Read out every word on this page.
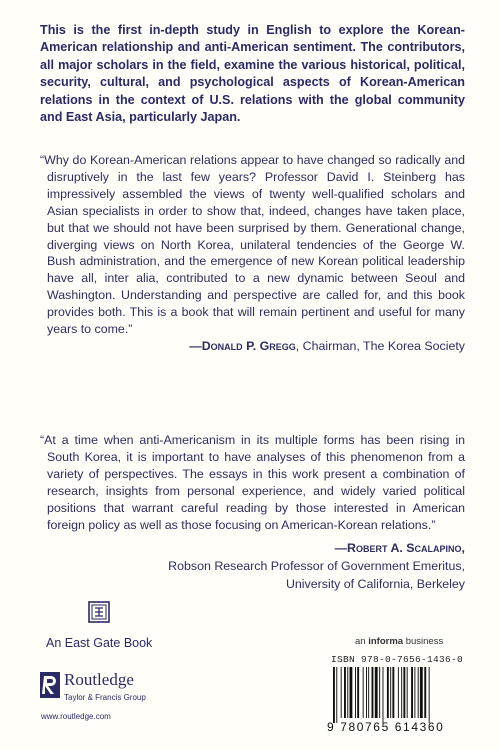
This is the first in-depth study in English to explore the Korean-American relationship and anti-American sentiment. The contributors, all major scholars in the field, examine the various historical, political, security, cultural, and psychological aspects of Korean-American relations in the context of U.S. relations with the global community and East Asia, particularly Japan.

“Why do Korean-American relations appear to have changed so radically and disruptively in the last few years? Professor David I. Steinberg has impressively assembled the views of twenty well-qualified scholars and Asian specialists in order to show that, indeed, changes have taken place, but that we should not have been surprised by them. Generational change, diverging views on North Korea, unilateral tendencies of the George W. Bush administration, and the emergence of new Korean political leadership have all, inter alia, contributed to a new dynamic between Seoul and Washington. Understanding and perspective are called for, and this book provides both. This is a book that will remain pertinent and useful for many years to come.”

—Donald P. Gregg, Chairman, The Korea Society

“At a time when anti-Americanism in its multiple forms has been rising in South Korea, it is important to have analyses of this phenomenon from a variety of perspectives. The essays in this work present a combination of research, insights from personal experience, and widely varied political positions that warrant careful reading by those interested in American foreign policy as well as those focusing on American-Korean relations.”

—Robert A. Scalapino,

Robson Research Professor of Government Emeritus,

University of California, Berkeley

An East Gate Book
Routledge
Taylor & Francis Group
www.routledge.com
an informa business
ISBN 978-0-7656-1436-0
9 780765 614360
